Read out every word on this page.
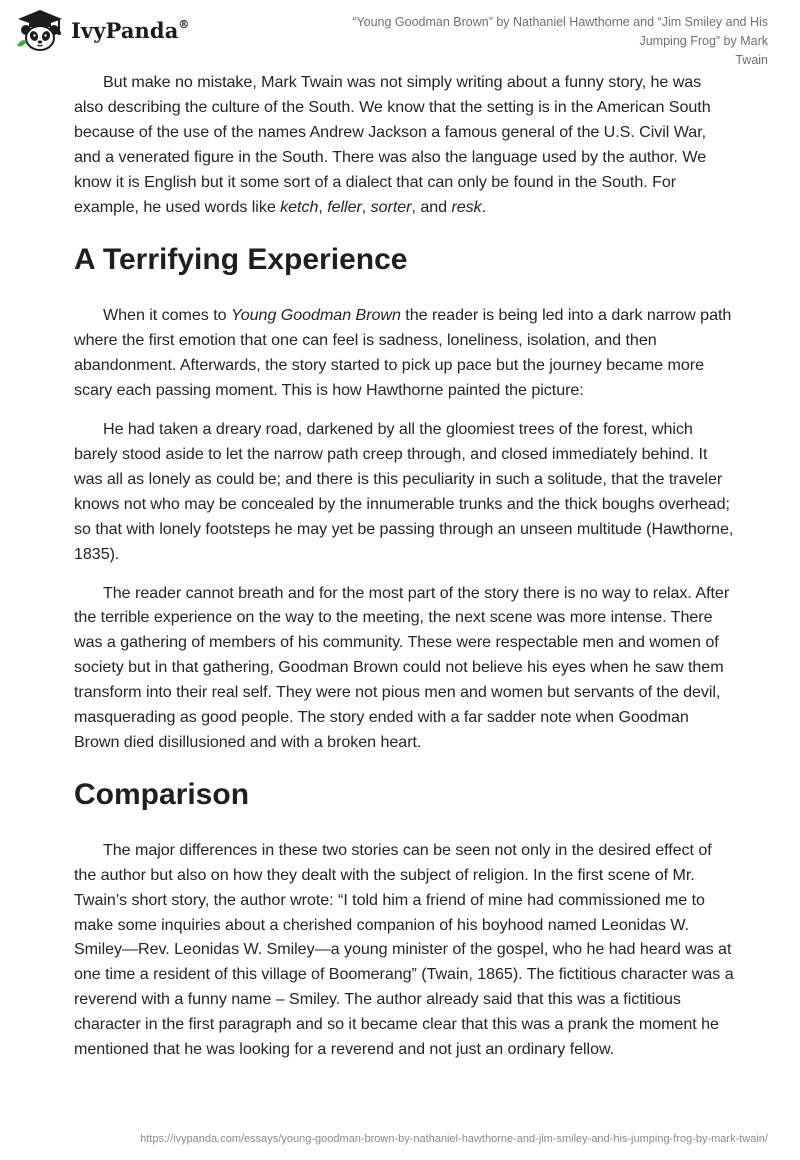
IvyPanda®	“Young Goodman Brown” by Nathaniel Hawthorne and “Jim Smiley and His Jumping Frog” by Mark
Twain

But make no mistake, Mark Twain was not simply writing about a funny story, he was also describing the culture of the South. We know that the setting is in the American South because of the use of the names Andrew Jackson a famous general of the U.S. Civil War, and a venerated figure in the South. There was also the language used by the author. We know it is English but it some sort of a dialect that can only be found in the South. For example, he used words like ketch, feller, sorter, and resk.

A Terrifying Experience

When it comes to Young Goodman Brown the reader is being led into a dark narrow path where the first emotion that one can feel is sadness, loneliness, isolation, and then abandonment. Afterwards, the story started to pick up pace but the journey became more scary each passing moment. This is how Hawthorne painted the picture:

He had taken a dreary road, darkened by all the gloomiest trees of the forest, which barely stood aside to let the narrow path creep through, and closed immediately behind. It was all as lonely as could be; and there is this peculiarity in such a solitude, that the traveler knows not who may be concealed by the innumerable trunks and the thick boughs overhead; so that with lonely footsteps he may yet be passing through an unseen multitude (Hawthorne, 1835).

The reader cannot breath and for the most part of the story there is no way to relax. After the terrible experience on the way to the meeting, the next scene was more intense. There was a gathering of members of his community. These were respectable men and women of society but in that gathering, Goodman Brown could not believe his eyes when he saw them transform into their real self. They were not pious men and women but servants of the devil, masquerading as good people. The story ended with a far sadder note when Goodman Brown died disillusioned and with a broken heart.

Comparison

The major differences in these two stories can be seen not only in the desired effect of the author but also on how they dealt with the subject of religion. In the first scene of Mr. Twain’s short story, the author wrote: “I told him a friend of mine had commissioned me to make some inquiries about a cherished companion of his boyhood named Leonidas W. Smiley—Rev. Leonidas W. Smiley—a young minister of the gospel, who he had heard was at one time a resident of this village of Boomerang” (Twain, 1865). The fictitious character was a reverend with a funny name – Smiley. The author already said that this was a fictitious character in the first paragraph and so it became clear that this was a prank the moment he mentioned that he was looking for a reverend and not just an ordinary fellow.

https://ivypanda.com/essays/young-goodman-brown-by-nathaniel-hawthorne-and-jim-smiley-and-his-jumping-frog-by-mark-twain/
